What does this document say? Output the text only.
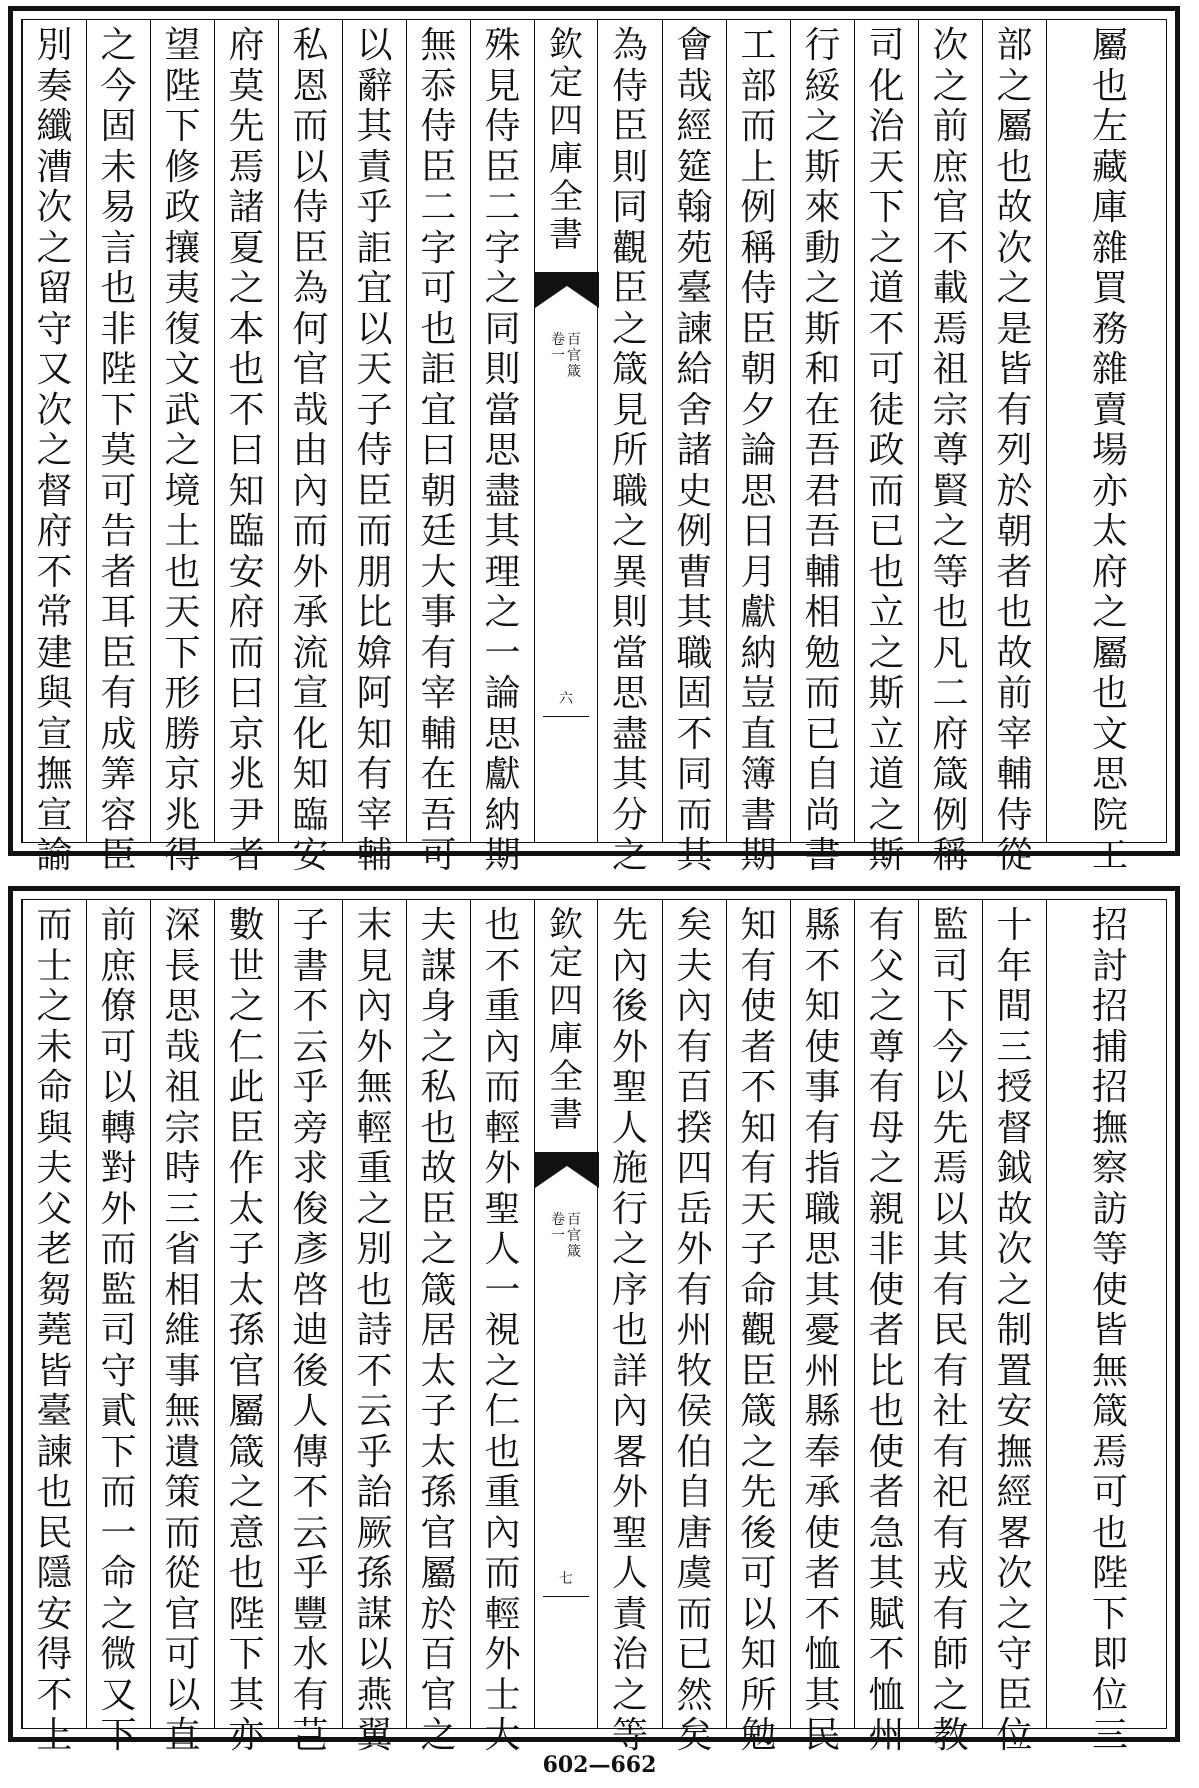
別
奏
纖
漕
次
之
留
守
又
次
之
督
府
不
常
建
與
宣
撫
宣
諭
之
今
固
未
易
言
也
非
陛
下
莫
可
告
者
耳
臣
有
成
筭
容
臣
望
陛
下
修
政
攘
夷
復
文
武
之
境
土
也
天
下
形
勝
京
兆
得
府
莫
先
焉
諸
夏
之
本
也
不
曰
知
臨
安
府
而
曰
京
兆
尹
者
私
恩
而
以
侍
臣
為
何
官
哉
由
內
而
外
承
流
宣
化
知
臨
安
以
辭
其
責
乎
詎
宜
以
天
子
侍
臣
而
朋
比
媕
阿
知
有
宰
輔
無
忝
侍
臣
二
字
可
也
詎
宜
曰
朝
廷
大
事
有
宰
輔
在
吾
可
殊
見
侍
臣
二
字
之
同
則
當
思
盡
其
理
之
一
論
思
獻
納
期
欽
定
四
庫
全
書
百
官
箴
卷
一
六
為
侍
臣
則
同
觀
臣
之
箴
見
所
職
之
異
則
當
思
盡
其
分
之
會
哉
經
筵
翰
苑
臺
諫
給
舍
諸
史
例
曹
其
職
固
不
同
而
其
工
部
而
上
例
稱
侍
臣
朝
夕
論
思
日
月
獻
納
豈
直
簿
書
期
行
綏
之
斯
來
動
之
斯
和
在
吾
君
吾
輔
相
勉
而
已
自
尚
書
司
化
治
天
下
之
道
不
可
徒
政
而
已
也
立
之
斯
立
道
之
斯
次
之
前
庶
官
不
載
焉
祖
宗
尊
賢
之
等
也
凡
二
府
箴
例
稱
部
之
屬
也
故
次
之
是
皆
有
列
於
朝
者
也
故
前
宰
輔
侍
從
屬
也
左
藏
庫
雜
買
務
雜
賣
場
亦
太
府
之
屬
也
文
思
院
工
而
士
之
未
命
與
夫
父
老
芻
蕘
皆
臺
諫
也
民
隱
安
得
不
上
前
庶
僚
可
以
轉
對
外
而
監
司
守
貳
下
而
一
命
之
微
又
下
深
長
思
哉
祖
宗
時
三
省
相
維
事
無
遺
策
而
從
官
可
以
直
數
世
之
仁
此
臣
作
太
子
太
孫
官
屬
箴
之
意
也
陛
下
其
亦
子
書
不
云
乎
旁
求
俊
彥
啓
迪
後
人
傳
不
云
乎
豐
水
有
芑
末
見
內
外
無
輕
重
之
別
也
詩
不
云
乎
詒
厥
孫
謀
以
燕
翼
夫
謀
身
之
私
也
故
臣
之
箴
居
太
子
太
孫
官
屬
於
百
官
之
也
不
重
內
而
輕
外
聖
人
一
視
之
仁
也
重
內
而
輕
外
士
大
欽
定
四
庫
全
書
百
官
箴
卷
一
七
先
內
後
外
聖
人
施
行
之
序
也
詳
內
畧
外
聖
人
責
治
之
等
矣
夫
內
有
百
揆
四
岳
外
有
州
牧
侯
伯
自
唐
虞
而
已
然
矣
知
有
使
者
不
知
有
天
子
命
觀
臣
箴
之
先
後
可
以
知
所
勉
縣
不
知
使
事
有
指
職
思
其
憂
州
縣
奉
承
使
者
不
恤
其
民
有
父
之
尊
有
母
之
親
非
使
者
比
也
使
者
急
其
賦
不
恤
州
監
司
下
今
以
先
焉
以
其
有
民
有
社
有
祀
有
戎
有
師
之
教
十
年
間
三
授
督
鉞
故
次
之
制
置
安
撫
經
畧
次
之
守
臣
位
招
討
招
捕
招
撫
察
訪
等
使
皆
無
箴
焉
可
也
陛
下
即
位
三
602—662
